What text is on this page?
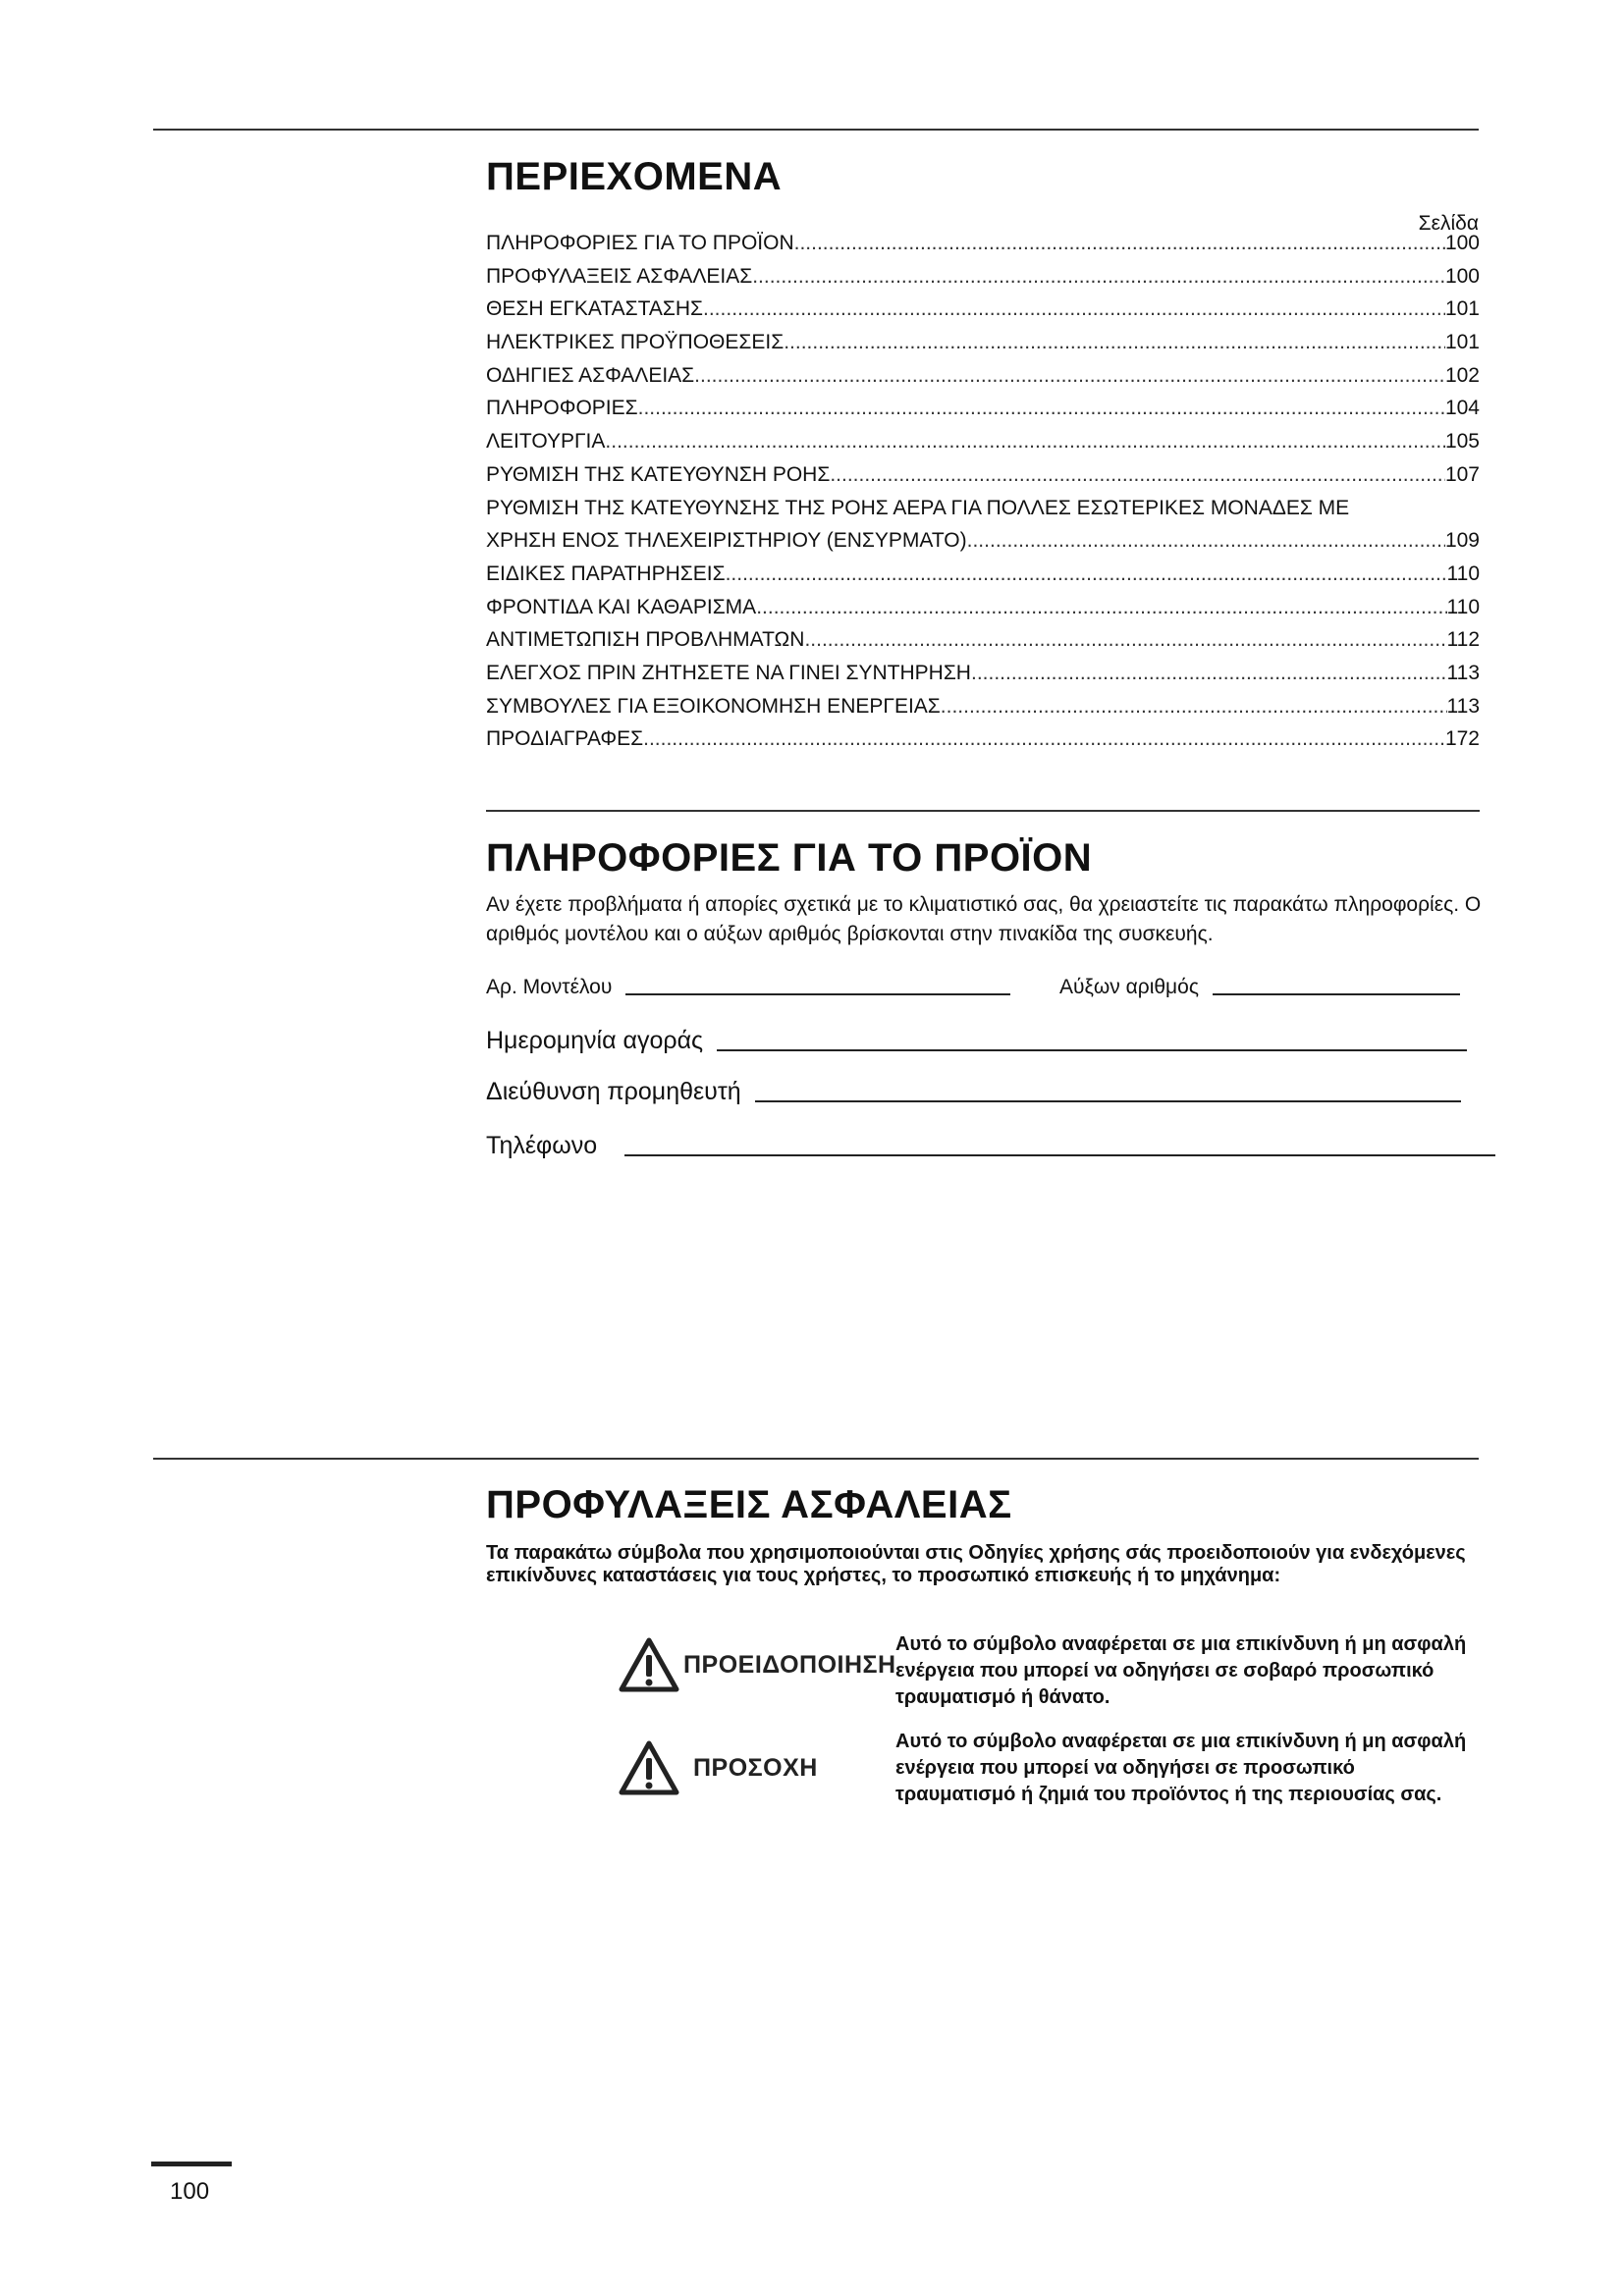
ΠΕΡΙΕΧΟΜΕΝΑ
Σελίδα
ΠΛΗΡΟΦΟΡΙΕΣ ΓΙΑ ΤΟ ΠΡΟΪΟΝ .....	100
ΠΡΟΦΥΛΑΞΕΙΣ ΑΣΦΑΛΕΙΑΣ .....	100
ΘΕΣΗ ΕΓΚΑΤΑΣΤΑΣΗΣ .....	101
ΗΛΕΚΤΡΙΚΕΣ ΠΡΟΫΠΟΘΕΣΕΙΣ .....	101
ΟΔΗΓΙΕΣ ΑΣΦΑΛΕΙΑΣ .....	102
ΠΛΗΡΟΦΟΡΙΕΣ .....	104
ΛΕΙΤΟΥΡΓΙΑ .....	105
ΡΥΘΜΙΣΗ ΤΗΣ ΚΑΤΕΥΘΥΝΣΗ ΡΟΗΣ .....	107
ΡΥΘΜΙΣΗ ΤΗΣ ΚΑΤΕΥΘΥΝΣΗΣ ΤΗΣ ΡΟΗΣ ΑΕΡΑ ΓΙΑ ΠΟΛΛΕΣ ΕΣΩΤΕΡΙΚΕΣ ΜΟΝΑΔΕΣ ΜΕ
ΧΡΗΣΗ ΕΝΟΣ ΤΗΛΕΧΕΙΡΙΣΤΗΡΙΟΥ (ΕΝΣΥΡΜΑΤΟ) .....	109
ΕΙΔΙΚΕΣ ΠΑΡΑΤΗΡΗΣΕΙΣ .....	110
ΦΡΟΝΤΙΔΑ ΚΑΙ ΚΑΘΑΡΙΣΜΑ .....	110
ΑΝΤΙΜΕΤΩΠΙΣΗ ΠΡΟΒΛΗΜΑΤΩΝ .....	112
ΕΛΕΓΧΟΣ ΠΡΙΝ ΖΗΤΗΣΕΤΕ ΝΑ ΓΙΝΕΙ ΣΥΝΤΗΡΗΣΗ .....	113
ΣΥΜΒΟΥΛΕΣ ΓΙΑ ΕΞΟΙΚΟΝΟΜΗΣΗ ΕΝΕΡΓΕΙΑΣ .....	113
ΠΡΟΔΙΑΓΡΑΦΕΣ .....	172
ΠΛΗΡΟΦΟΡΙΕΣ ΓΙΑ ΤΟ ΠΡΟΪΟΝ
Αν έχετε προβλήματα ή απορίες σχετικά με το κλιματιστικό σας, θα χρειαστείτε τις παρακάτω πληροφορίες. Ο αριθμός μοντέλου και ο αύξων αριθμός βρίσκονται στην πινακίδα της συσκευής.
Αρ. Μοντέλου	Αύξων αριθμός
Ημερομηνία αγοράς
Διεύθυνση προμηθευτή
Τηλέφωνο
ΠΡΟΦΥΛΑΞΕΙΣ ΑΣΦΑΛΕΙΑΣ
Τα παρακάτω σύμβολα που χρησιμοποιούνται στις Οδηγίες χρήσης σάς προειδοποιούν για ενδεχόμενες επικίνδυνες καταστάσεις για τους χρήστες, το προσωπικό επισκευής ή το μηχάνημα:
ΠΡΟΕΙΔΟΠΟΙΗΣΗ
Αυτό το σύμβολο αναφέρεται σε μια επικίνδυνη ή μη ασφαλή ενέργεια που μπορεί να οδηγήσει σε σοβαρό προσωπικό τραυματισμό ή θάνατο.
ΠΡΟΣΟΧΗ
Αυτό το σύμβολο αναφέρεται σε μια επικίνδυνη ή μη ασφαλή ενέργεια που μπορεί να οδηγήσει σε προσωπικό τραυματισμό ή ζημιά του προϊόντος ή της περιουσίας σας.
100
